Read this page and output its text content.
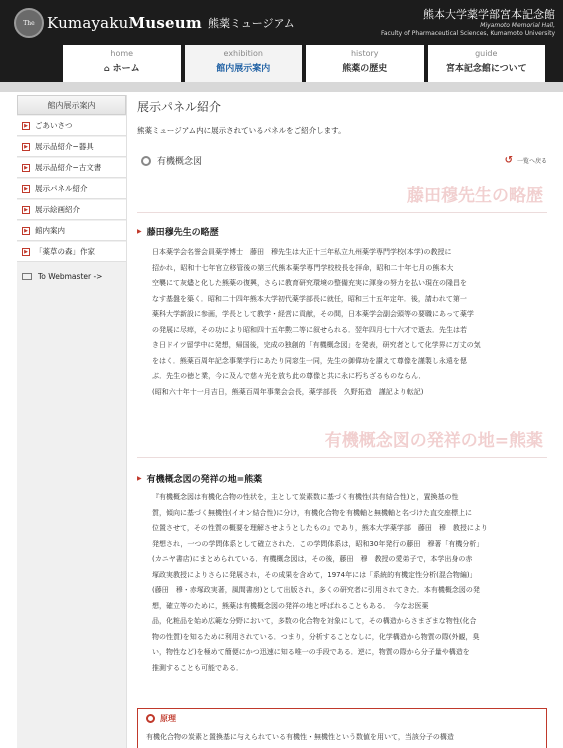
The KumayakuMuseum 熊薬ミュージアム
熊本大学薬学部宮本記念館
Miyamoto Memorial Hall,
Faculty of Pharmaceutical Sciences, Kumamoto University
home
⌂ ホーム
exhibition
館内展示案内
history
熊薬の歴史
guide
宮本記念館について
館内展示案内
▶ ごあいさつ
▶ 展示品紹介−器具
▶ 展示品紹介−古文書
▶ 展示パネル紹介
▶ 展示絵画紹介
▶ 館内案内
▶ 「薬草の森」作家
To Webmaster ->
展示パネル紹介
熊薬ミュージアム内に展示されているパネルをご紹介します。
有機概念図	↺ 一覧へ戻る
藤田穆先生の略歴
▶ 藤田穆先生の略歴
日本薬学会名誉会員薬学博士　藤田　穆先生は大正十三年私立九州薬学専門学校(本学)の教授に
招かれ，昭和十七年官立移管後の第三代熊本薬学専門学校校長を拝命，昭和二十年七月の熊本大
空襲にて灰燼と化した熊薬の復興，さらに教育研究環境の整備充実に渾身の努力を払い現在の隆昌を
なす基盤を築く．昭和二十四年熊本大学初代薬学部長に就任，昭和三十五年定年．後，請われて第一
薬科大学新設に参画，学長として教学・経営に貢献，その間，日本薬学会副会頭等の要職にあって薬学
の発展に尽瘁，その功により昭和四十五年勲二等に叙せられる．翌年四月七十六才で逝去．先生は若
き日ドイツ留学中に発想，帰国後，完成の独創的「有機概念図」を発表，研究者として化学界に万丈の気
をはく．熊薬百周年記念事業学行にあたり同窓生一同，先生の御偉功を讃えて尊像を謹製し永遠を偲
ぶ．先生の徳と業，今に及んで慈々光を放ち此の尊像と共に永に朽ちざるものならん．
(昭和六十年十一月吉日，熊薬百周年事業会会長，薬学部長　久野拓造　謹記より転記)
有機概念図の発祥の地=熊薬
▶ 有機概念図の発祥の地=熊薬
『有機概念図は有機化合物の性状を，主として炭素数に基づく有機性(共有結合性)と，置換基の性
質，傾向に基づく無機性(イオン結合性)に分け，有機化合物を有機軸と無機軸と名づけた直交座標上に
位置させて，その性質の概要を理解させようとしたもの』であり，熊本大学薬学部　藤田　穆　教授により
発想され，一つの学問体系として確立された．この学問体系は，昭和30年発行の藤田　穆著「有機分析」
(カニヤ書店)にまとめられている．有機概念図は，その後，藤田　穆　教授の愛弟子で，本学出身の赤
塚政実教授によりさらに発展され，その成果を含めて，1974年には「系統的有機定性分析(混合物編)」
(藤田　穆・赤塚政実著，風間書房)として出版され，多くの研究者に引用されてきた．本有機概念図の発
想，確立等のために，熊薬は有機概念図の発祥の地と呼ばれることもある．　今なお医薬
品，化粧品を始め広範な分野において，多数の化合物を対象にして，その構造からさまざまな物性(化合
物の性質)を知るために利用されている．つまり，分析することなしに，化学構造から物質の際(外観，臭
い，物性など)を極めて簡便にかつ迅速に知る唯一の手段である．逆に，物質の際から分子量や構造を
推測することも可能である．
原理
有機化合物の炭素と置換基に与えられている有機性・無機性という数値を用いて，当該分子の構造
